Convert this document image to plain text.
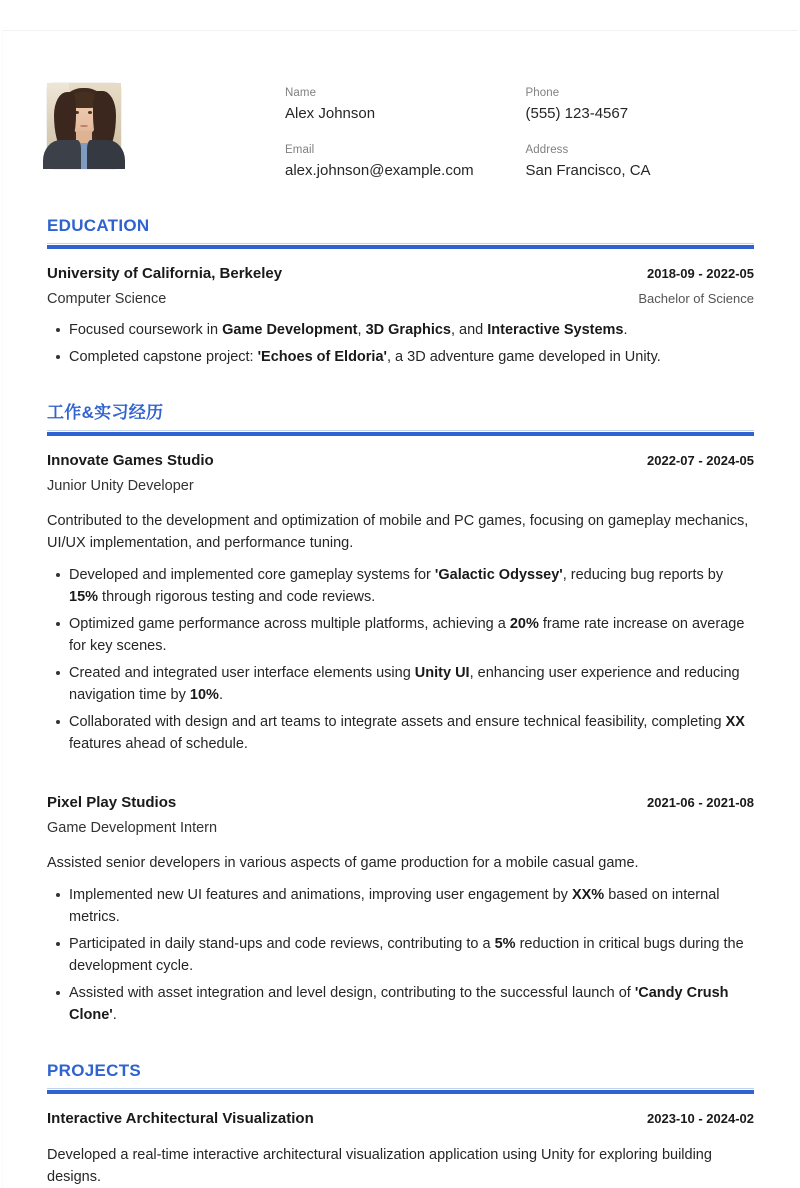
Name
Alex Johnson
Phone
(555) 123-4567
Email
alex.johnson@example.com
Address
San Francisco, CA
EDUCATION
University of California, Berkeley	2018-09 - 2022-05
Computer Science	Bachelor of Science
Focused coursework in Game Development, 3D Graphics, and Interactive Systems.
Completed capstone project: 'Echoes of Eldoria', a 3D adventure game developed in Unity.
工作&实习经历
Innovate Games Studio	2022-07 - 2024-05
Junior Unity Developer
Contributed to the development and optimization of mobile and PC games, focusing on gameplay mechanics, UI/UX implementation, and performance tuning.
Developed and implemented core gameplay systems for 'Galactic Odyssey', reducing bug reports by 15% through rigorous testing and code reviews.
Optimized game performance across multiple platforms, achieving a 20% frame rate increase on average for key scenes.
Created and integrated user interface elements using Unity UI, enhancing user experience and reducing navigation time by 10%.
Collaborated with design and art teams to integrate assets and ensure technical feasibility, completing XX features ahead of schedule.
Pixel Play Studios	2021-06 - 2021-08
Game Development Intern
Assisted senior developers in various aspects of game production for a mobile casual game.
Implemented new UI features and animations, improving user engagement by XX% based on internal metrics.
Participated in daily stand-ups and code reviews, contributing to a 5% reduction in critical bugs during the development cycle.
Assisted with asset integration and level design, contributing to the successful launch of 'Candy Crush Clone'.
PROJECTS
Interactive Architectural Visualization	2023-10 - 2024-02
Developed a real-time interactive architectural visualization application using Unity for exploring building designs.
